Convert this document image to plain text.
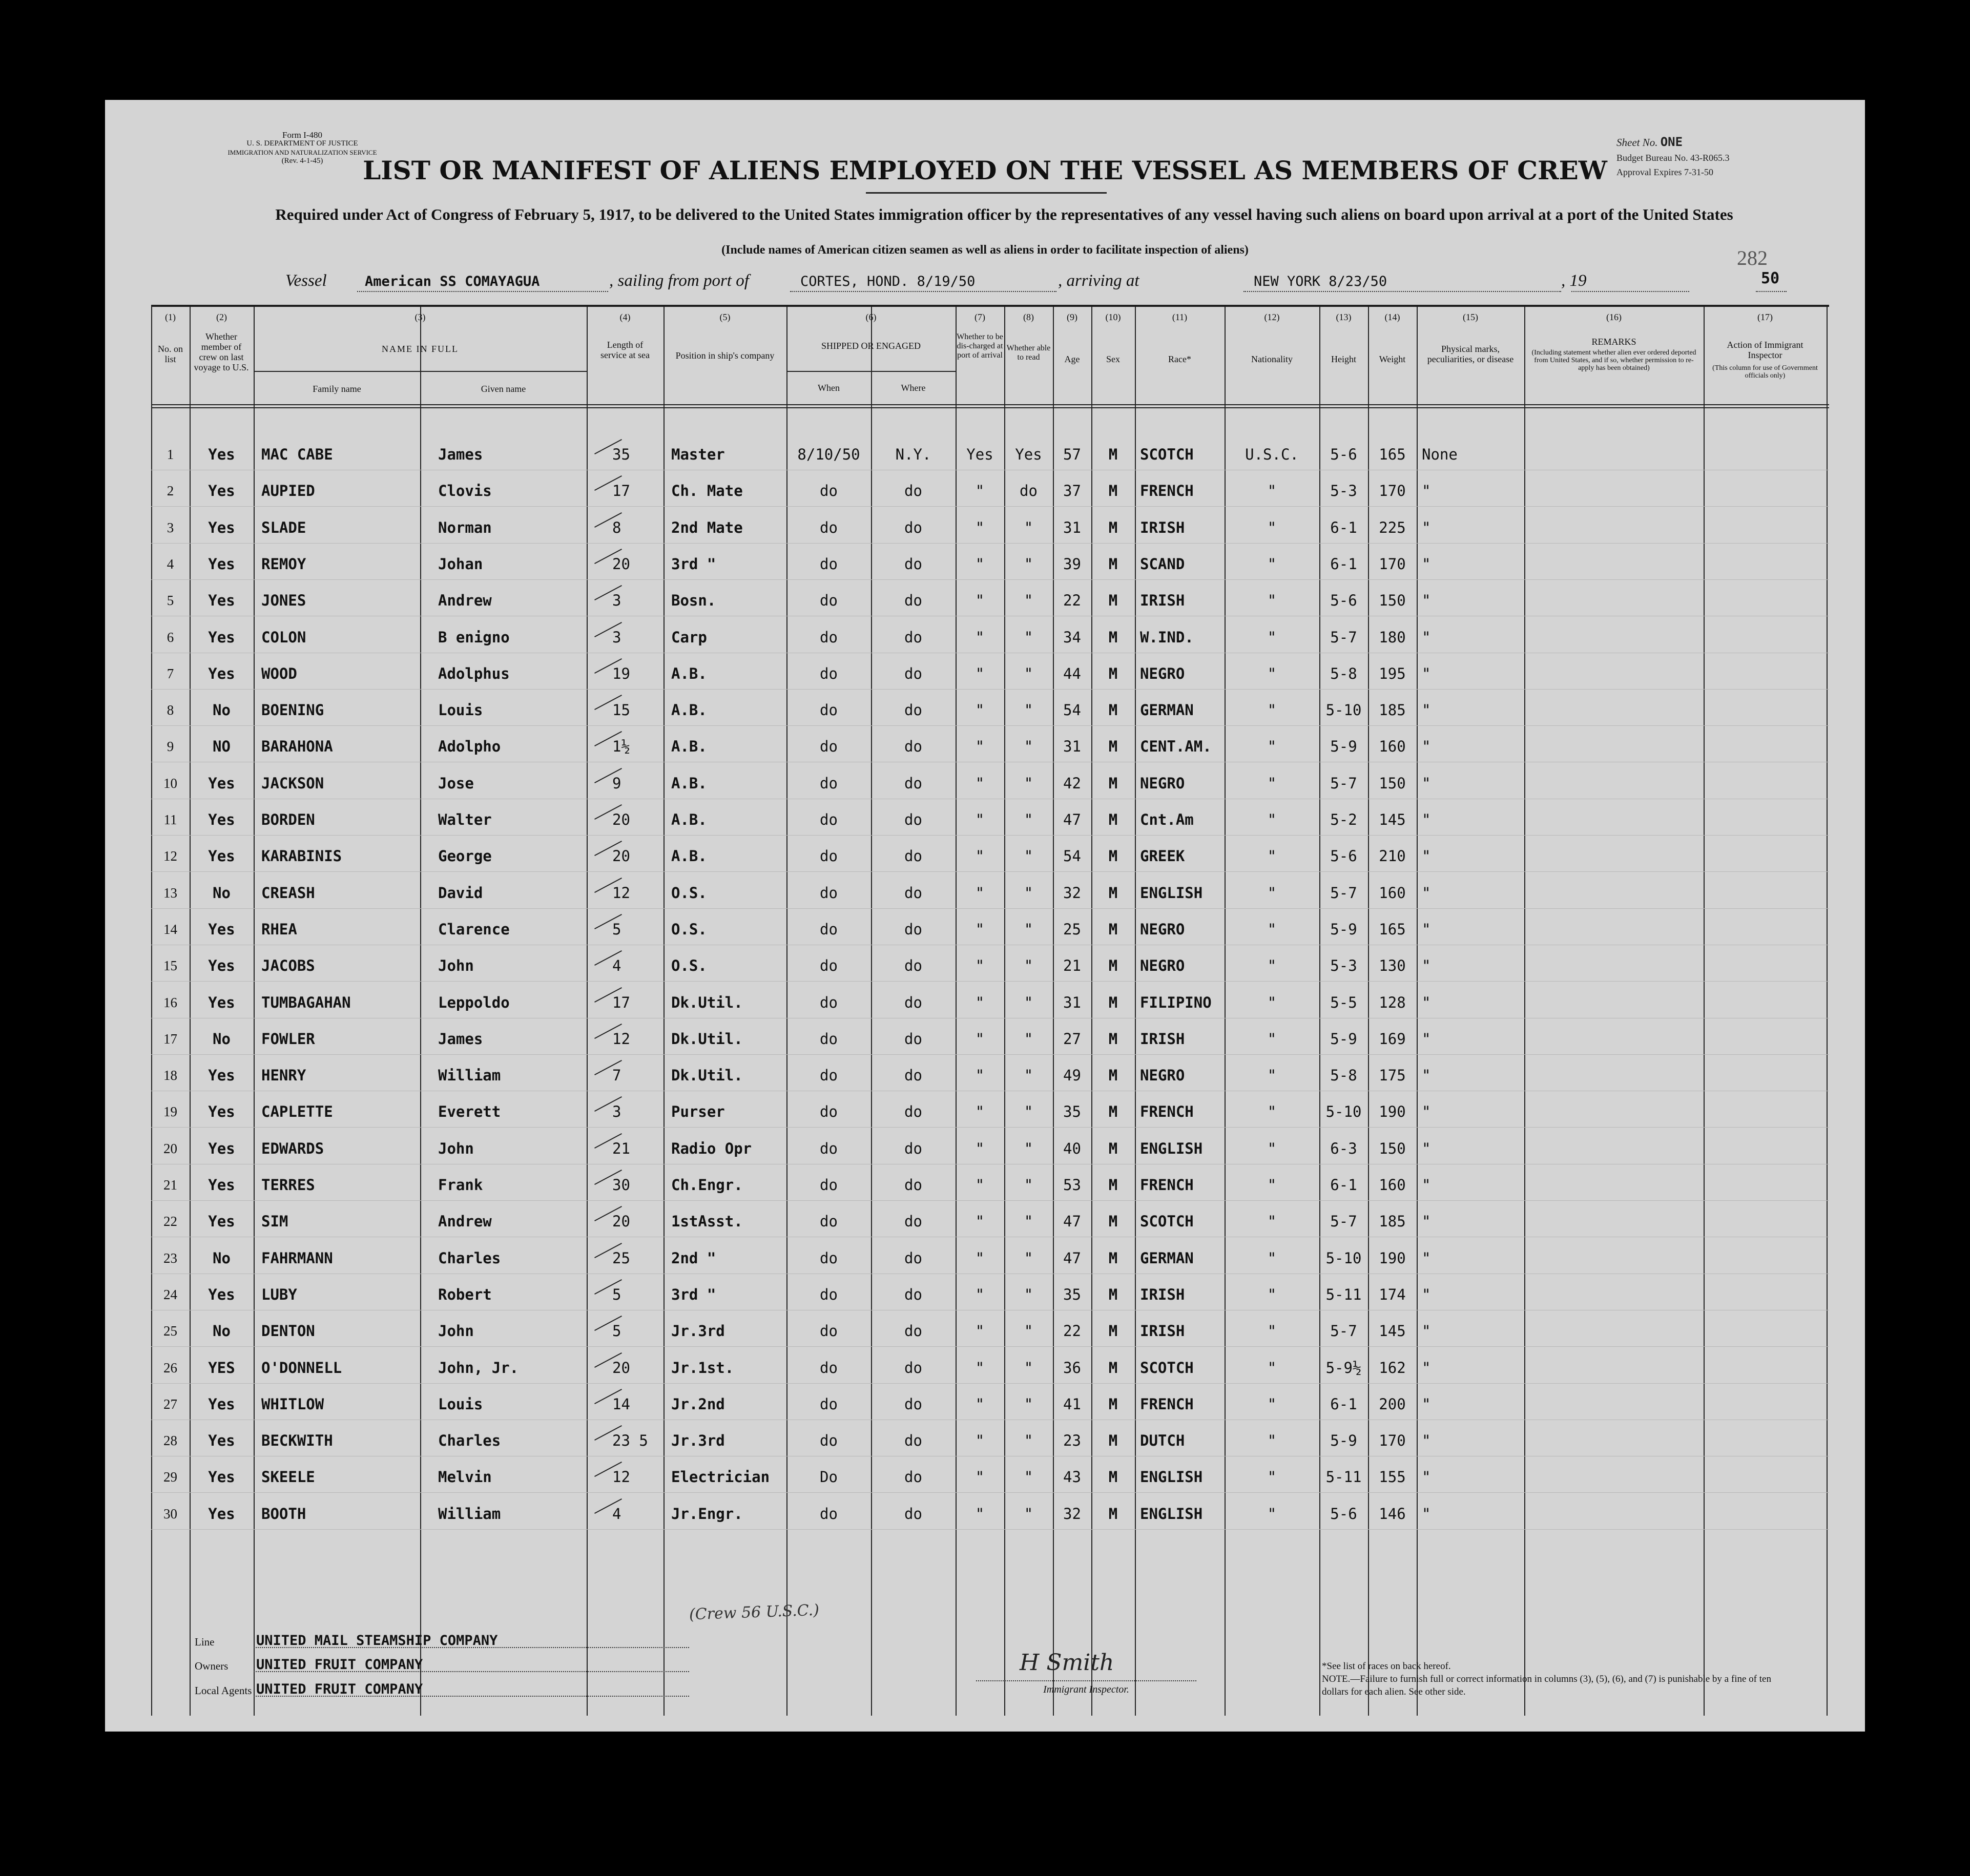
Form I-480
U. S. DEPARTMENT OF JUSTICE
IMMIGRATION AND NATURALIZATION SERVICE
(Rev. 4-1-45)	LIST OR MANIFEST OF ALIENS EMPLOYED ON THE VESSEL AS MEMBERS OF CREW
Required under Act of Congress of February 5, 1917, to be delivered to the United States immigration officer by the representatives of any vessel having such aliens on board upon arrival at a port of the United States
(Include names of American citizen seamen as well as aliens in order to facilitate inspection of aliens)
Sheet No. ONE
Budget Bureau No. 43-R065.3
Approval Expires 7-31-50
282
Vessel	American SS COMAYAGUA	, sailing from port of	CORTES, HOND. 8/19/50	, arriving at	NEW YORK 8/23/50	, 19	50
(1)	(2)	(3)	(4)	(5)	(6)	(7)	(8)	(9)	(10)	(11)	(12)	(13)	(14)	(15)	(16)	(17)
No. on list
Whether member of crew on last voyage to U.S.
NAME IN FULL
Family name	Given name
Length of service at sea	Position in ship's company
SHIPPED OR ENGAGED
When	Where
Whether to be dis-charged at port of arrival
Whether able to read	Age	Sex	Race*	Nationality	Height	Weight
Physical marks, peculiarities, or disease
REMARKS
(Including statement whether alien ever ordered deported from United States, and if so, whether permission to re-apply has been obtained)
Action of Immigrant Inspector
(This column for use of Government officials only)
1	Yes	MAC CABE	James	35	Master	8/10/50	N.Y.	Yes	Yes	57	M	SCOTCH	U.S.C.	5-6	165	None
2	Yes	AUPIED	Clovis	17	Ch. Mate	do	do	"	do	37	M	FRENCH	"	5-3	170	"
3	Yes	SLADE	Norman	8	2nd Mate	do	do	"	"	31	M	IRISH	"	6-1	225	"
4	Yes	REMOY	Johan	20	3rd "	do	do	"	"	39	M	SCAND	"	6-1	170	"
5	Yes	JONES	Andrew	3	Bosn.	do	do	"	"	22	M	IRISH	"	5-6	150	"
6	Yes	COLON	B enigno	3	Carp	do	do	"	"	34	M	W.IND.	"	5-7	180	"
7	Yes	WOOD	Adolphus	19	A.B.	do	do	"	"	44	M	NEGRO	"	5-8	195	"
8	No	BOENING	Louis	15	A.B.	do	do	"	"	54	M	GERMAN	"	5-10	185	"
9	NO	BARAHONA	Adolpho	1½	A.B.	do	do	"	"	31	M	CENT.AM.	"	5-9	160	"
10	Yes	JACKSON	Jose	9	A.B.	do	do	"	"	42	M	NEGRO	"	5-7	150	"
11	Yes	BORDEN	Walter	20	A.B.	do	do	"	"	47	M	Cnt.Am	"	5-2	145	"
12	Yes	KARABINIS	George	20	A.B.	do	do	"	"	54	M	GREEK	"	5-6	210	"
13	No	CREASH	David	12	O.S.	do	do	"	"	32	M	ENGLISH	"	5-7	160	"
14	Yes	RHEA	Clarence	5	O.S.	do	do	"	"	25	M	NEGRO	"	5-9	165	"
15	Yes	JACOBS	John	4	O.S.	do	do	"	"	21	M	NEGRO	"	5-3	130	"
16	Yes	TUMBAGAHAN	Leppoldo	17	Dk.Util.	do	do	"	"	31	M	FILIPINO	"	5-5	128	"
17	No	FOWLER	James	12	Dk.Util.	do	do	"	"	27	M	IRISH	"	5-9	169	"
18	Yes	HENRY	William	7	Dk.Util.	do	do	"	"	49	M	NEGRO	"	5-8	175	"
19	Yes	CAPLETTE	Everett	3	Purser	do	do	"	"	35	M	FRENCH	"	5-10	190	"
20	Yes	EDWARDS	John	21	Radio Opr	do	do	"	"	40	M	ENGLISH	"	6-3	150	"
21	Yes	TERRES	Frank	30	Ch.Engr.	do	do	"	"	53	M	FRENCH	"	6-1	160	"
22	Yes	SIM	Andrew	20	1stAsst.	do	do	"	"	47	M	SCOTCH	"	5-7	185	"
23	No	FAHRMANN	Charles	25	2nd "	do	do	"	"	47	M	GERMAN	"	5-10	190	"
24	Yes	LUBY	Robert	5	3rd "	do	do	"	"	35	M	IRISH	"	5-11	174	"
25	No	DENTON	John	5	Jr.3rd	do	do	"	"	22	M	IRISH	"	5-7	145	"
26	YES	O'DONNELL	John, Jr.	20	Jr.1st.	do	do	"	"	36	M	SCOTCH	"	5-9½	162	"
27	Yes	WHITLOW	Louis	14	Jr.2nd	do	do	"	"	41	M	FRENCH	"	6-1	200	"
28	Yes	BECKWITH	Charles	23 5	Jr.3rd	do	do	"	"	23	M	DUTCH	"	5-9	170	"
29	Yes	SKEELE	Melvin	12	Electrician	Do	do	"	"	43	M	ENGLISH	"	5-11	155	"
30	Yes	BOOTH	William	4	Jr.Engr.	do	do	"	"	32	M	ENGLISH	"	5-6	146	"
(Crew 56 U.S.C.)
Line	UNITED MAIL STEAMSHIP COMPANY
Owners UNITED FRUIT COMPANY
Local Agents UNITED FRUIT COMPANY
H Smith
Immigrant Inspector.
*See list of races on back hereof.
NOTE.—Failure to furnish full or correct information in columns (3), (5), (6), and (7) is punishable by a fine of ten dollars for each alien. See other side.
